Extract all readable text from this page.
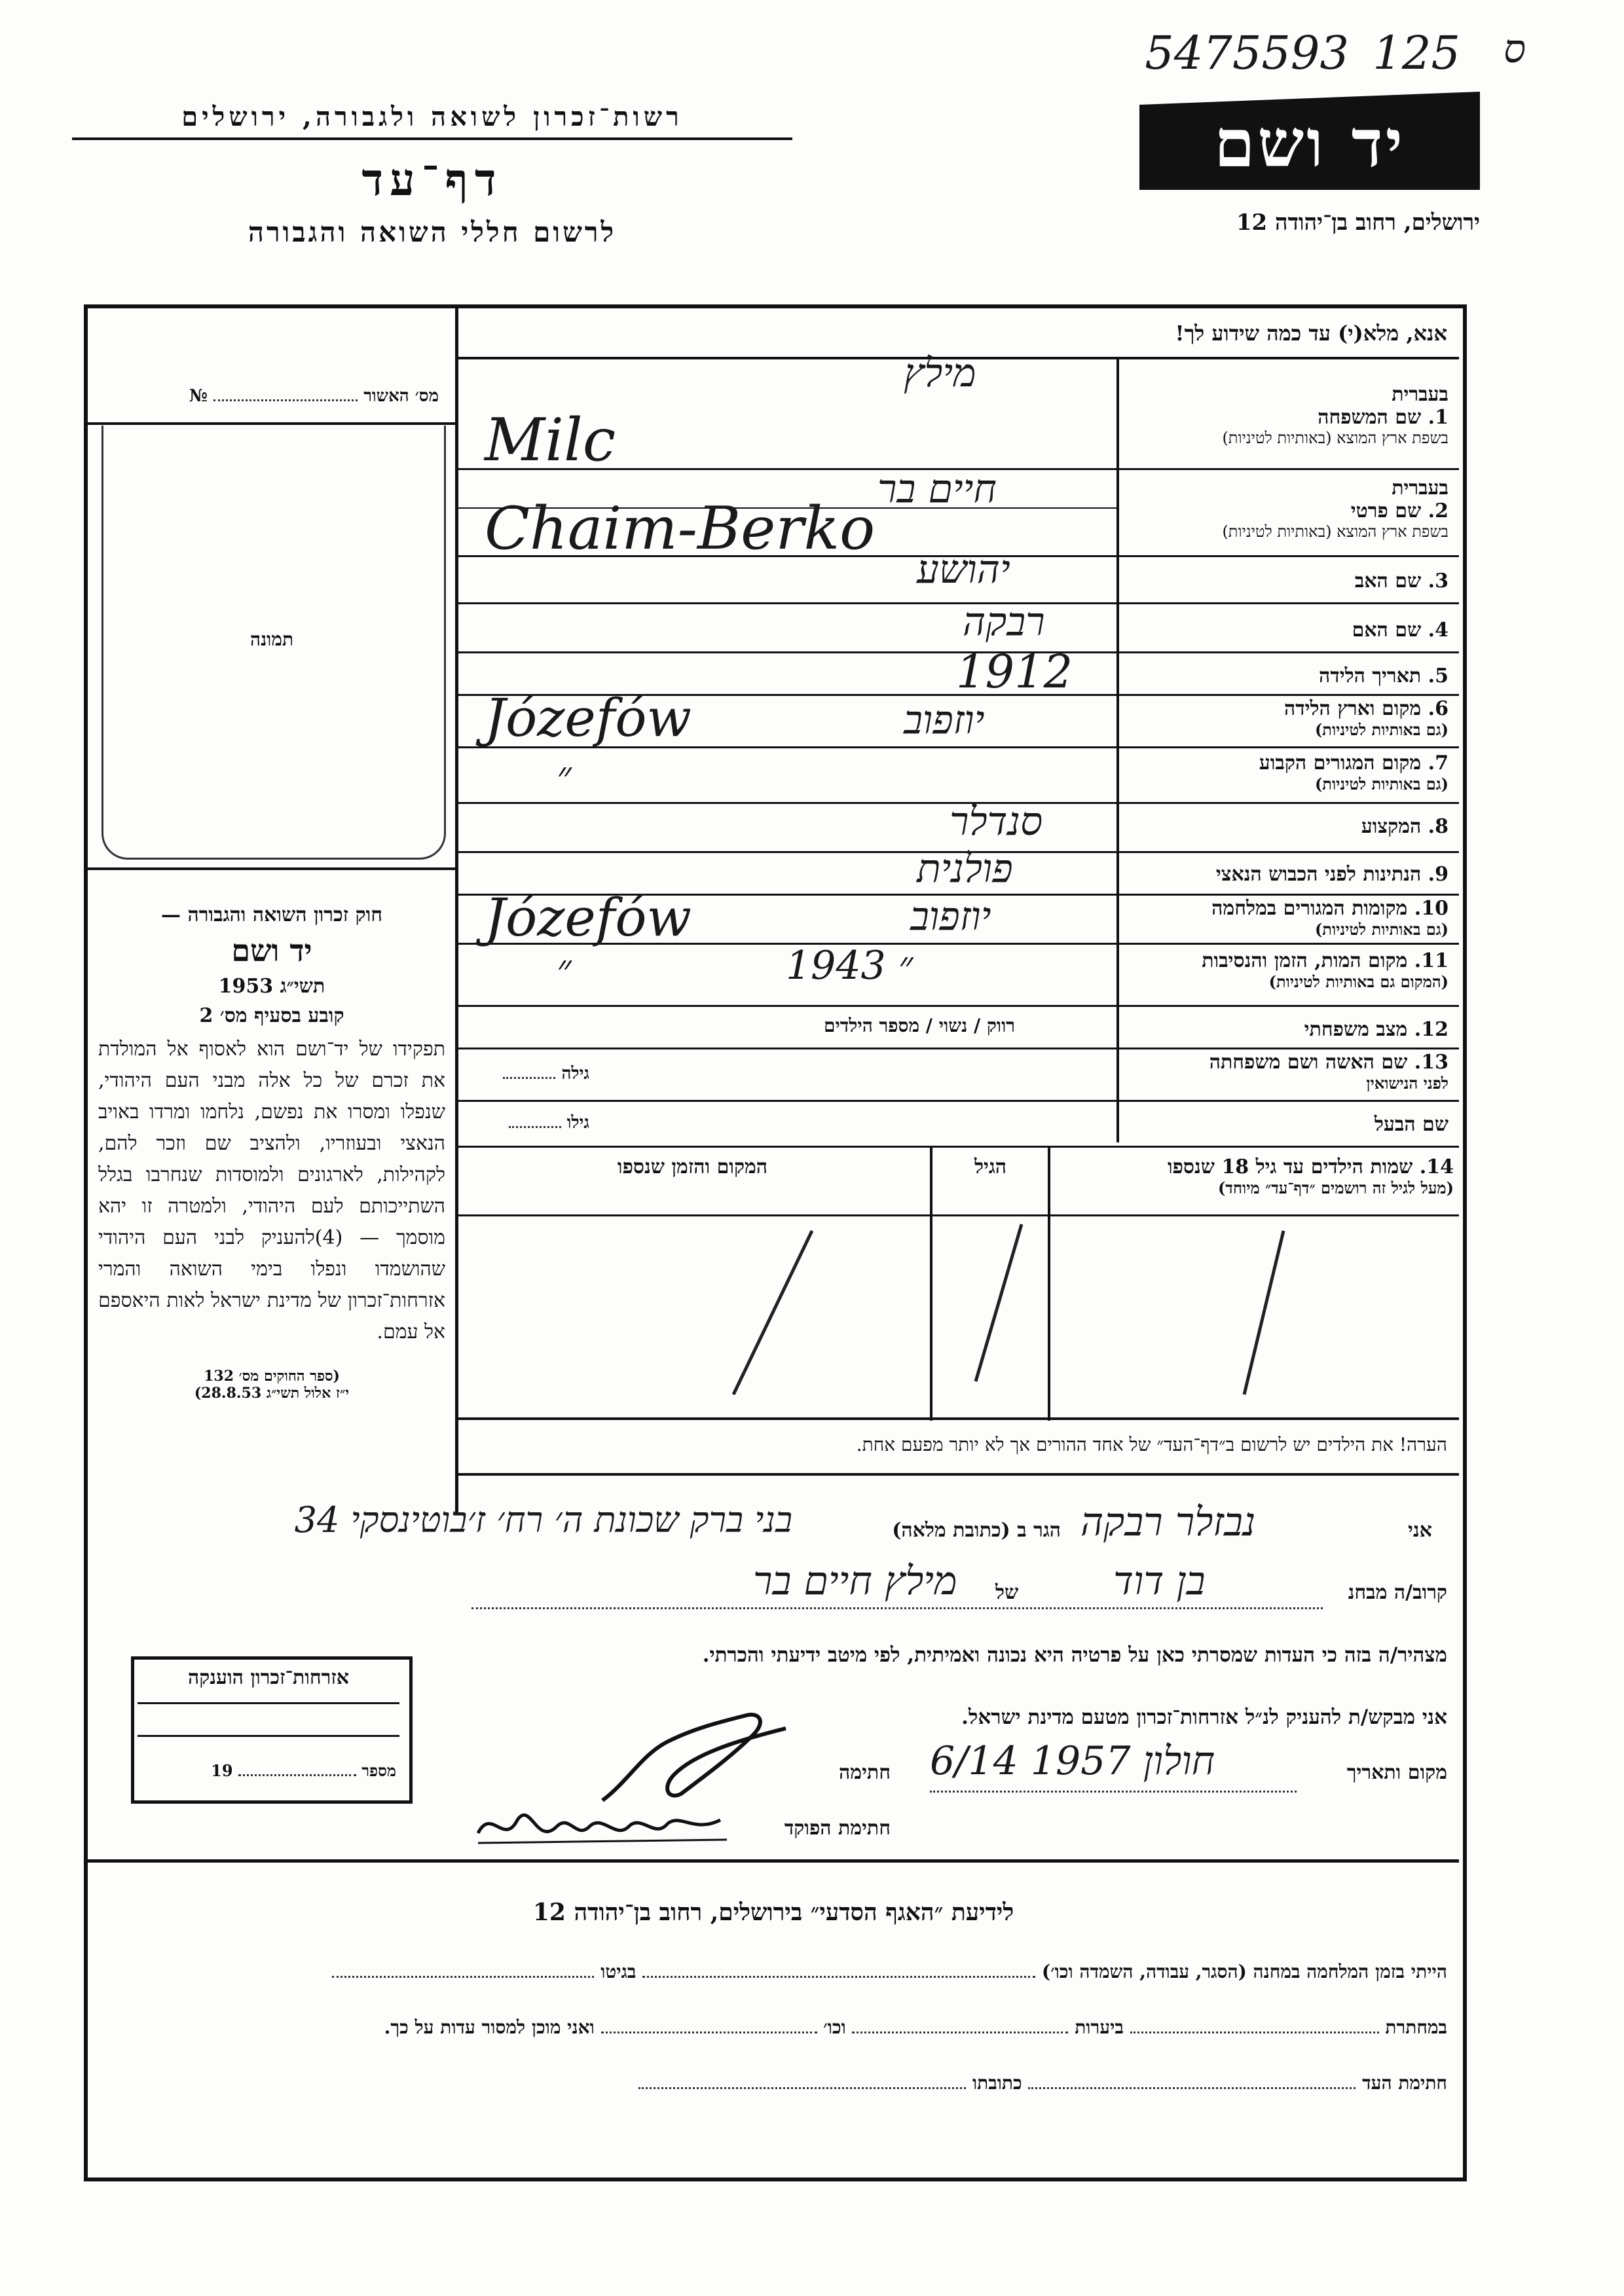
5475593 125 ס
רשות־זכרון לשואה ולגבורה, ירושלים
דף־עד
לרשום חללי השואה והגבורה
יד ושם
ירושלים, רחוב בן־יהודה 12
אנא, מלא(י) עד כמה שידוע לך!
מס׳ האשור  №
תמונה
בעברית
1. שם המשפחה
בשפת ארץ המוצא (באותיות לטיניות)
מילץ
Milc
בעברית
2. שם פרטי
בשפת ארץ המוצא (באותיות לטיניות)
חיים בר
Chaim-Berko
3. שם האב
יהושע
4. שם האם
רבקה
5. תאריך הלידה
1912
6. מקום וארץ הלידה
(גם באותיות לטיניות)
יוזפוב
Józefów
7. מקום המגורים הקבוע
(גם באותיות לטיניות)
״
8. המקצוע
סנדלר
9. הנתינות לפני הכבוש הנאצי
פולנית
10. מקומות המגורים במלחמה
(גם באותיות לטיניות)
יוזפוב
Józefów
11. מקום המות, הזמן והנסיבות
(המקום גם באותיות לטיניות)
1943 ״
״
12. מצב משפחתי
רווק / נשוי / מספר הילדים
13. שם האשה ושם משפחתה
לפני הנישואין
גילה
שם הבעל
גילו
14. שמות הילדים עד גיל 18 שנספו
(מעל לגיל זה רושמים ״דף־עד״ מיוחד)
הגיל
המקום והזמן שנספו
הערה! את הילדים יש לרשום ב״דף־העד״ של אחד ההורים אך לא יותר מפעם אחת.
חוק זכרון השואה והגבורה —
יד ושם
תשי״ג 1953
קובע בסעיף מס׳ 2
תפקידו של יד־ושם הוא לאסוף אל המולדת את זכרם של כל אלה מבני העם היהודי, שנפלו ומסרו את נפשם, נלחמו ומרדו באויב הנאצי ובעוזריו, ולהציב שם וזכר להם, לקהילות, לארגונים ולמוסדות שנחרבו בגלל השתייכותם לעם היהודי, ולמטרה זו יהא מוסמך — (4)להעניק לבני העם היהודי שהושמדו ונפלו בימי השואה והמרי אזרחות־זכרון של מדינת ישראל לאות היאספם אל עמם.
(ספר החוקים מס׳ 132
י״ז אלול תשי״ג 28.8.53)
אני
נבזלר רבקה
הגר ב (כתובת מלאה)
בני ברק שכונת ה׳ רח׳ ז׳בוטינסקי 34
קרוב/ה מבחנ
בן דוד
של
מילץ חיים בר
מצהיר/ה בזה כי העדות שמסרתי כאן על פרטיה היא נכונה ואמיתית, לפי מיטב ידיעתי והכרתי.
אני מבקש/ת להעניק לנ״ל אזרחות־זכרון מטעם מדינת ישראל.
מקום ותאריך
חולון 1957 6/14
חתימה
חתימת הפוקד
אזרחות־זכרון הוענקה
מספר  19
לידיעת ״האגף הסדעי״ בירושלים, רחוב בן־יהודה 12
הייתי בזמן המלחמה במחנה (הסגר, עבודה, השמדה וכו׳)  בגיטו
במחתרת  ביערות  וכו׳  ואני מוכן למסור עדות על כך.
חתימת העד  כתובתו
